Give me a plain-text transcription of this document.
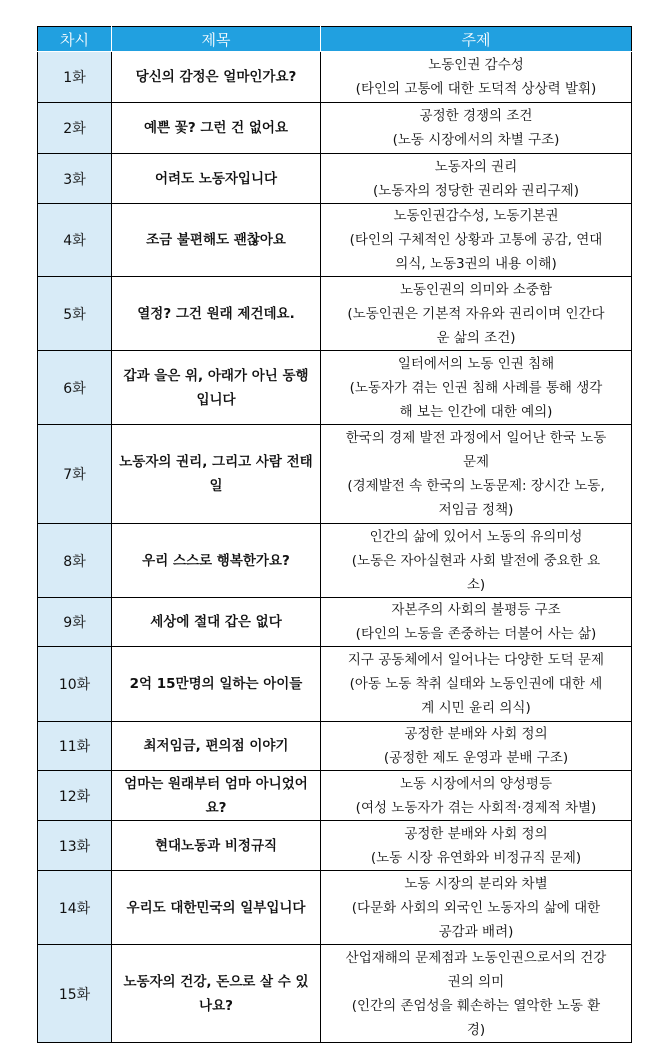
차시	제목	주제
1화	당신의 감정은 얼마인가요?	노동인권 감수성
(타인의 고통에 대한 도덕적 상상력 발휘)

2화	예쁜 꽃? 그런 건 없어요	공정한 경쟁의 조건
(노동 시장에서의 차별 구조)

3화	어려도 노동자입니다	노동자의 권리
(노동자의 정당한 권리와 권리구제)

4화	조금 불편해도 괜찮아요	노동인권감수성, 노동기본권
(타인의 구체적인 상황과 고통에 공감, 연대
의식, 노동3권의 내용 이해)

5화	열정? 그건 원래 제건데요.	노동인권의 의미와 소중함
(노동인권은 기본적 자유와 권리이며 인간다
운 삶의 조건)

6화	갑과 을은 위, 아래가 아닌 동행입니다	일터에서의 노동 인권 침해
(노동자가 겪는 인권 침해 사례를 통해 생각
해 보는 인간에 대한 예의)

7화	노동자의 권리, 그리고 사람 전태일	한국의 경제 발전 과정에서 일어난 한국 노동
문제
(경제발전 속 한국의 노동문제: 장시간 노동,
저임금 정책)

8화	우리 스스로 행복한가요?	인간의 삶에 있어서 노동의 유의미성
(노동은 자아실현과 사회 발전에 중요한 요
소)

9화	세상에 절대 갑은 없다	자본주의 사회의 불평등 구조
(타인의 노동을 존중하는 더불어 사는 삶)

10화	2억 15만명의 일하는 아이들	지구 공동체에서 일어나는 다양한 도덕 문제
(아동 노동 착취 실태와 노동인권에 대한 세
계 시민 윤리 의식)

11화	최저임금, 편의점 이야기	공정한 분배와 사회 정의
(공정한 제도 운영과 분배 구조)

12화	엄마는 원래부터 엄마 아니었어요?	노동 시장에서의 양성평등
(여성 노동자가 겪는 사회적·경제적 차별)

13화	현대노동과 비정규직	공정한 분배와 사회 정의
(노동 시장 유연화와 비정규직 문제)

14화	우리도 대한민국의 일부입니다	노동 시장의 분리와 차별
(다문화 사회의 외국인 노동자의 삶에 대한
공감과 배려)

15화	노동자의 건강, 돈으로 살 수 있나요?	산업재해의 문제점과 노동인권으로서의 건강
권의 의미
(인간의 존엄성을 훼손하는 열악한 노동 환
경)
